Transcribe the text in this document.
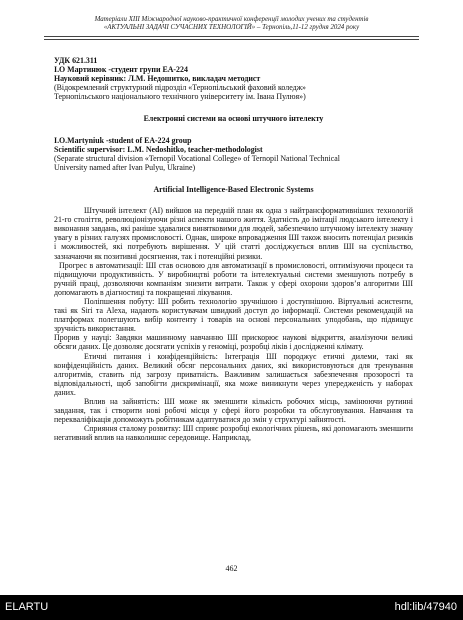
Матеріали XIII Міжнародної науково-практичної конференції молодих учених та студентів
«АКТУАЛЬНІ ЗАДАЧІ СУЧАСНИХ ТЕХНОЛОГІЙ» – Тернопіль,11-12 грудня 2024 року

УДК 621.311

І.О Мартинюк -студент групи ЕА-224

Науковий керівник: Л.М. Недошитко, викладач методист

(Відокремлений структурний підрозділ «Тернопільський фаховий коледж»

Тернопільського національного технічного університету ім. Івана Пулюя»)

Електронні системи на основі штучного інтелекту

I.O.Martyniuk -student of EA-224 group

Scientific supervisor: L.M. Nedoshitko, teacher-methodologist

(Separate structural division «Ternopil Vocational College» of Ternopil National Technical

University named after Ivan Pulyu, Ukraine)

Artificial Intelligence-Based Electronic Systems

Штучний інтелект (AI) вийшов на передній план як одна з найтрансформативніших технологій 21-го століття, революціонізуючи різні аспекти нашого життя. Здатність до імітації людського інтелекту і виконання завдань, які раніше здавалися винятковими для людей, забезпечило штучному інтелекту значну увагу в різних галузях промисловості. Однак, широке впровадження ШІ також вносить потенціал ризиків і можливостей, які потребують вирішення. У цій статті досліджується вплив ШІ на суспільство, зазначаючи як позитивні досягнення, так і потенційні ризики.

Прогрес в автоматизації: ШІ став основою для автоматизації в промисловості, оптимізуючи процеси та підвищуючи продуктивність. У виробництві роботи та інтелектуальні системи зменшують потребу в ручній праці, дозволяючи компаніям знизити витрати. Також у сфері охорони здоров’я алгоритми ШІ допомагають в діагностиці та покращенні лікування.

Поліпшення побуту: ШІ робить технологію зручнішою і доступнішою. Віртуальні асистенти, такі як Siri та Alexa, надають користувачам швидкий доступ до інформації. Системи рекомендацій на платформах полегшують вибір контенту і товарів на основі персональних уподобань, що підвищує зручність використання.

Прорив у науці: Завдяки машинному навчанню ШІ прискорює наукові відкриття, аналізуючи великі обсяги даних. Це дозволяє досягати успіхів у геноміці, розробці ліків і дослідженні клімату.

Етичні питання і конфіденційність: Інтеграція ШІ породжує етичні дилеми, такі як конфіденційність даних. Великий обсяг персональних даних, які використовуються для тренування алгоритмів, ставить під загрозу приватність. Важливим залишається забезпечення прозорості та відповідальності, щоб запобігти дискримінації, яка може виникнути через упередженість у наборах даних.

Вплив на зайнятість: ШІ може як зменшити кількість робочих місць, замінюючи рутинні завдання, так і створити нові робочі місця у сфері його розробки та обслуговування. Навчання та перекваліфікація допоможуть робітникам адаптуватися до змін у структурі зайнятості.

Сприяння сталому розвитку: ШІ сприяє розробці екологічних рішень, які допомагають зменшити негативний вплив на навколишнє середовище. Наприклад,

462
ELARTU	hdl:lib/47940
